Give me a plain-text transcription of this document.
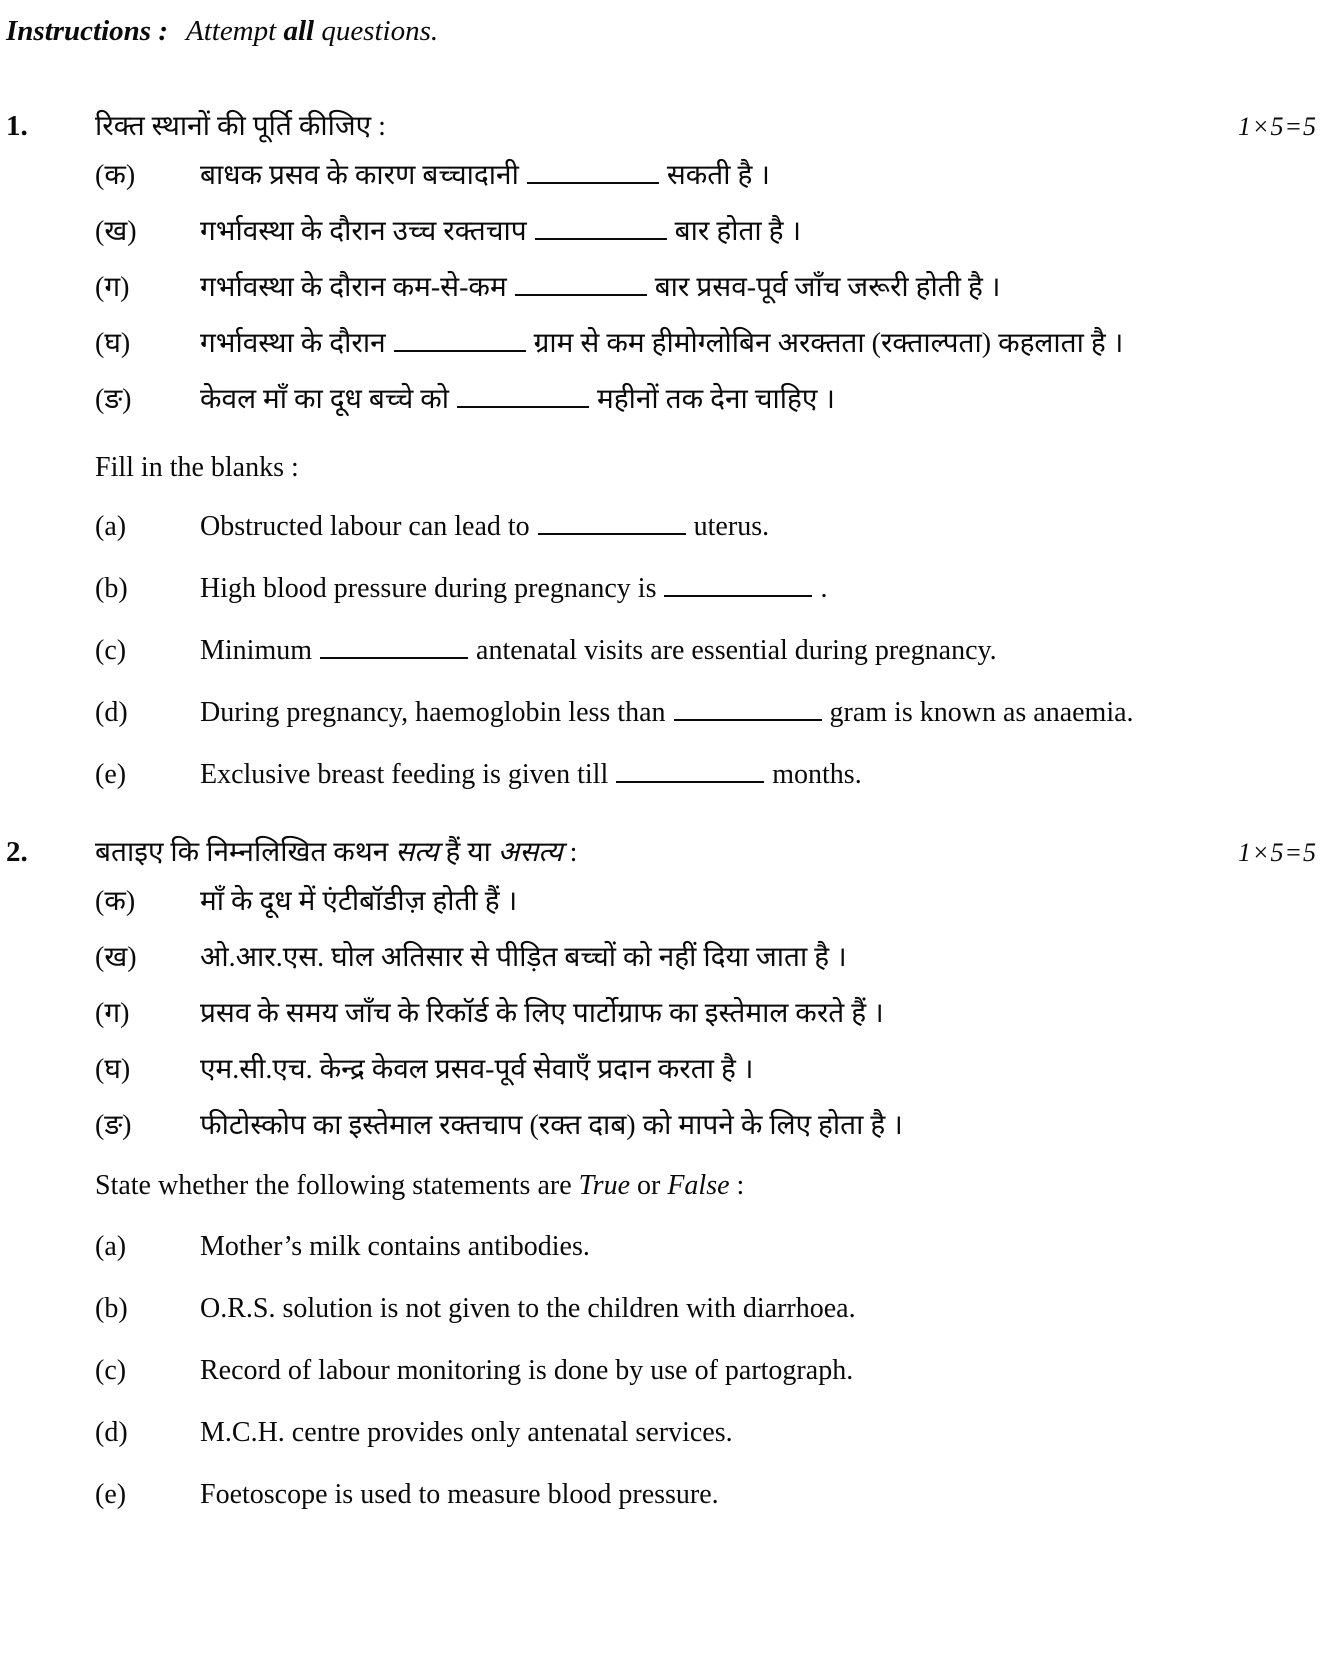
Instructions : Attempt all questions.
1.	रिक्त स्थानों की पूर्ति कीजिए :	1×5=5
(क)	बाधक प्रसव के कारण बच्चादानी	सकती है ।
(ख)	गर्भावस्था के दौरान उच्च रक्तचाप	बार होता है ।
(ग)	गर्भावस्था के दौरान कम-से-कम	बार प्रसव-पूर्व जाँच जरूरी होती है ।
(घ)	गर्भावस्था के दौरान	ग्राम से कम हीमोग्लोबिन अरक्तता (रक्ताल्पता) कहलाता है ।
(ङ)	केवल माँ का दूध बच्चे को	महीनों तक देना चाहिए ।
Fill in the blanks :
(a)	Obstructed labour can lead to	uterus.
(b)	High blood pressure during pregnancy is	.
(c)	Minimum	antenatal visits are essential during pregnancy.
(d)	During pregnancy, haemoglobin less than	gram is known as anaemia.
(e)	Exclusive breast feeding is given till	months.
2.	बताइए कि निम्नलिखित कथन सत्य हैं या असत्य :	1×5=5
(क)	माँ के दूध में एंटीबॉडीज़ होती हैं ।
(ख)	ओ.आर.एस. घोल अतिसार से पीड़ित बच्चों को नहीं दिया जाता है ।
(ग)	प्रसव के समय जाँच के रिकॉर्ड के लिए पार्टोग्राफ का इस्तेमाल करते हैं ।
(घ)	एम.सी.एच. केन्द्र केवल प्रसव-पूर्व सेवाएँ प्रदान करता है ।
(ङ)	फीटोस्कोप का इस्तेमाल रक्तचाप (रक्त दाब) को मापने के लिए होता है ।
State whether the following statements are True or False :
(a)	Mother’s milk contains antibodies.
(b)	O.R.S. solution is not given to the children with diarrhoea.
(c)	Record of labour monitoring is done by use of partograph.
(d)	M.C.H. centre provides only antenatal services.
(e)	Foetoscope is used to measure blood pressure.
